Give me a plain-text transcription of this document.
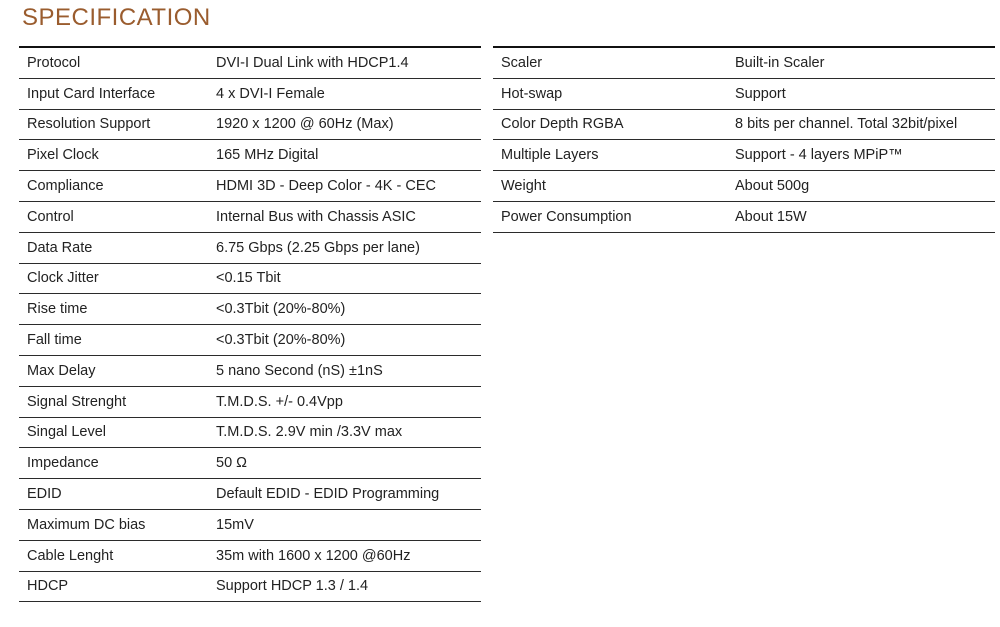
SPECIFICATION

Protocol	DVI-I Dual Link with HDCP1.4
Input Card Interface	4 x DVI-I Female
Resolution Support	1920 x 1200 @ 60Hz (Max)
Pixel Clock	165 MHz Digital
Compliance	HDMI 3D - Deep Color - 4K - CEC
Control	Internal Bus with Chassis ASIC
Data Rate	6.75 Gbps (2.25 Gbps per lane)
Clock Jitter	<0.15 Tbit
Rise time	<0.3Tbit (20%-80%)
Fall time	<0.3Tbit (20%-80%)
Max Delay	5 nano Second (nS) ±1nS
Signal Strenght	T.M.D.S. +/- 0.4Vpp
Singal Level	T.M.D.S. 2.9V min /3.3V max
Impedance	50 Ω
EDID	Default EDID - EDID Programming
Maximum DC bias	15mV
Cable Lenght	35m with 1600 x 1200 @60Hz
HDCP	Support HDCP 1.3 / 1.4

Scaler	Built-in Scaler
Hot-swap	Support
Color Depth RGBA	8 bits per channel. Total 32bit/pixel
Multiple Layers	Support - 4 layers MPiP™
Weight	About 500g
Power Consumption	About 15W
